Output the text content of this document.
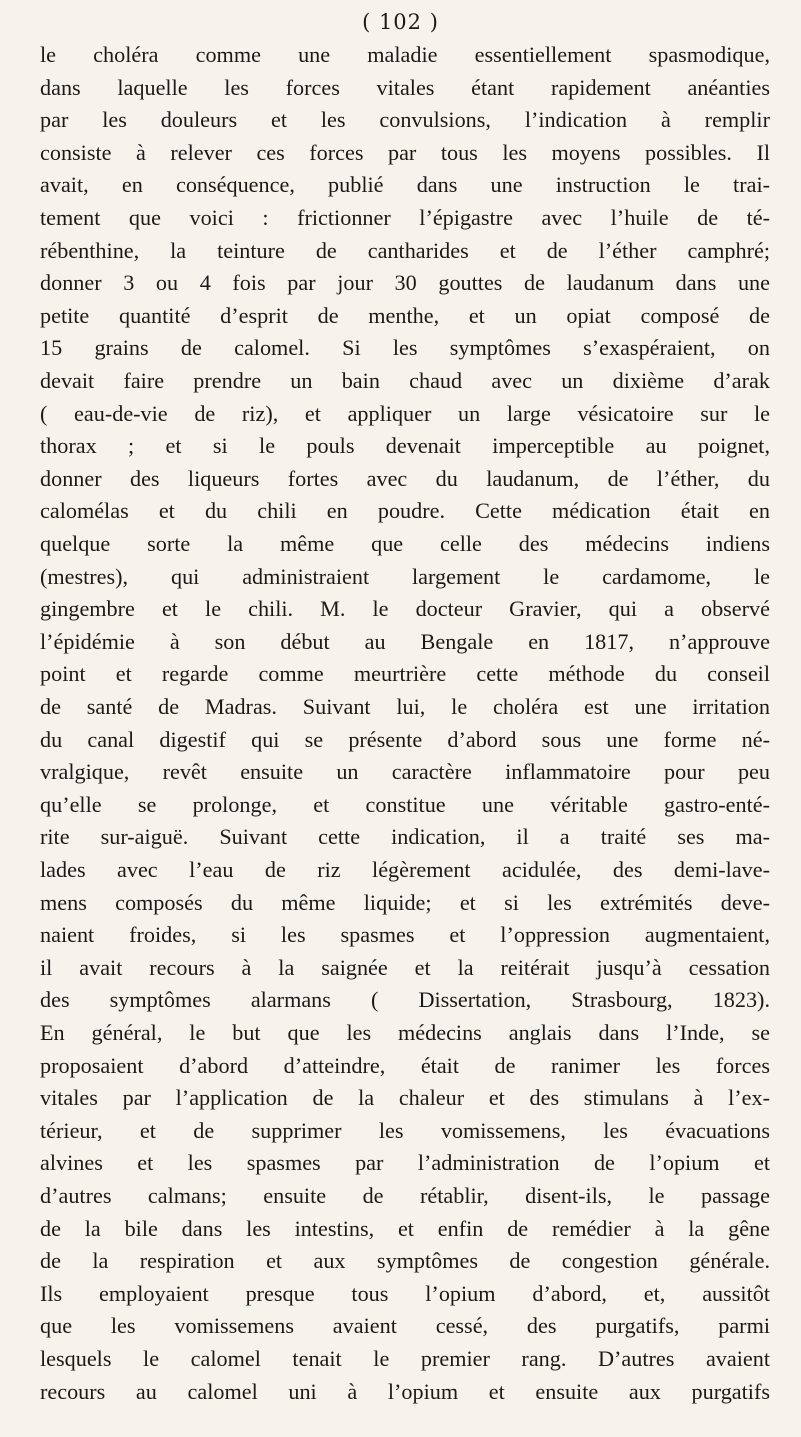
( 102 )
le choléra comme une maladie essentiellement spasmodique,
dans laquelle les forces vitales étant rapidement anéanties
par les douleurs et les convulsions, l’indication à remplir
consiste à relever ces forces par tous les moyens possibles. Il
avait, en conséquence, publié dans une instruction le trai-
tement que voici : frictionner l’épigastre avec l’huile de té-
rébenthine, la teinture de cantharides et de l’éther camphré;
donner 3 ou 4 fois par jour 30 gouttes de laudanum dans une
petite quantité d’esprit de menthe, et un opiat composé de
15 grains de calomel. Si les symptômes s’exaspéraient, on
devait faire prendre un bain chaud avec un dixième d’arak
( eau-de-vie de riz), et appliquer un large vésicatoire sur le
thorax ; et si le pouls devenait imperceptible au poignet,
donner des liqueurs fortes avec du laudanum, de l’éther, du
calomélas et du chili en poudre. Cette médication était en
quelque sorte la même que celle des médecins indiens
(mestres), qui administraient largement le cardamome, le
gingembre et le chili. M. le docteur Gravier, qui a observé
l’épidémie à son début au Bengale en 1817, n’approuve
point et regarde comme meurtrière cette méthode du conseil
de santé de Madras. Suivant lui, le choléra est une irritation
du canal digestif qui se présente d’abord sous une forme né-
vralgique, revêt ensuite un caractère inflammatoire pour peu
qu’elle se prolonge, et constitue une véritable gastro-enté-
rite sur-aiguë. Suivant cette indication, il a traité ses ma-
lades avec l’eau de riz légèrement acidulée, des demi-lave-
mens composés du même liquide; et si les extrémités deve-
naient froides, si les spasmes et l’oppression augmentaient,
il avait recours à la saignée et la reitérait jusqu’à cessation
des symptômes alarmans ( Dissertation, Strasbourg, 1823).
En général, le but que les médecins anglais dans l’Inde, se
proposaient d’abord d’atteindre, était de ranimer les forces
vitales par l’application de la chaleur et des stimulans à l’ex-
térieur, et de supprimer les vomissemens, les évacuations
alvines et les spasmes par l’administration de l’opium et
d’autres calmans; ensuite de rétablir, disent-ils, le passage
de la bile dans les intestins, et enfin de remédier à la gêne
de la respiration et aux symptômes de congestion générale.
Ils employaient presque tous l’opium d’abord, et, aussitôt
que les vomissemens avaient cessé, des purgatifs, parmi
lesquels le calomel tenait le premier rang. D’autres avaient
recours au calomel uni à l’opium et ensuite aux purgatifs
